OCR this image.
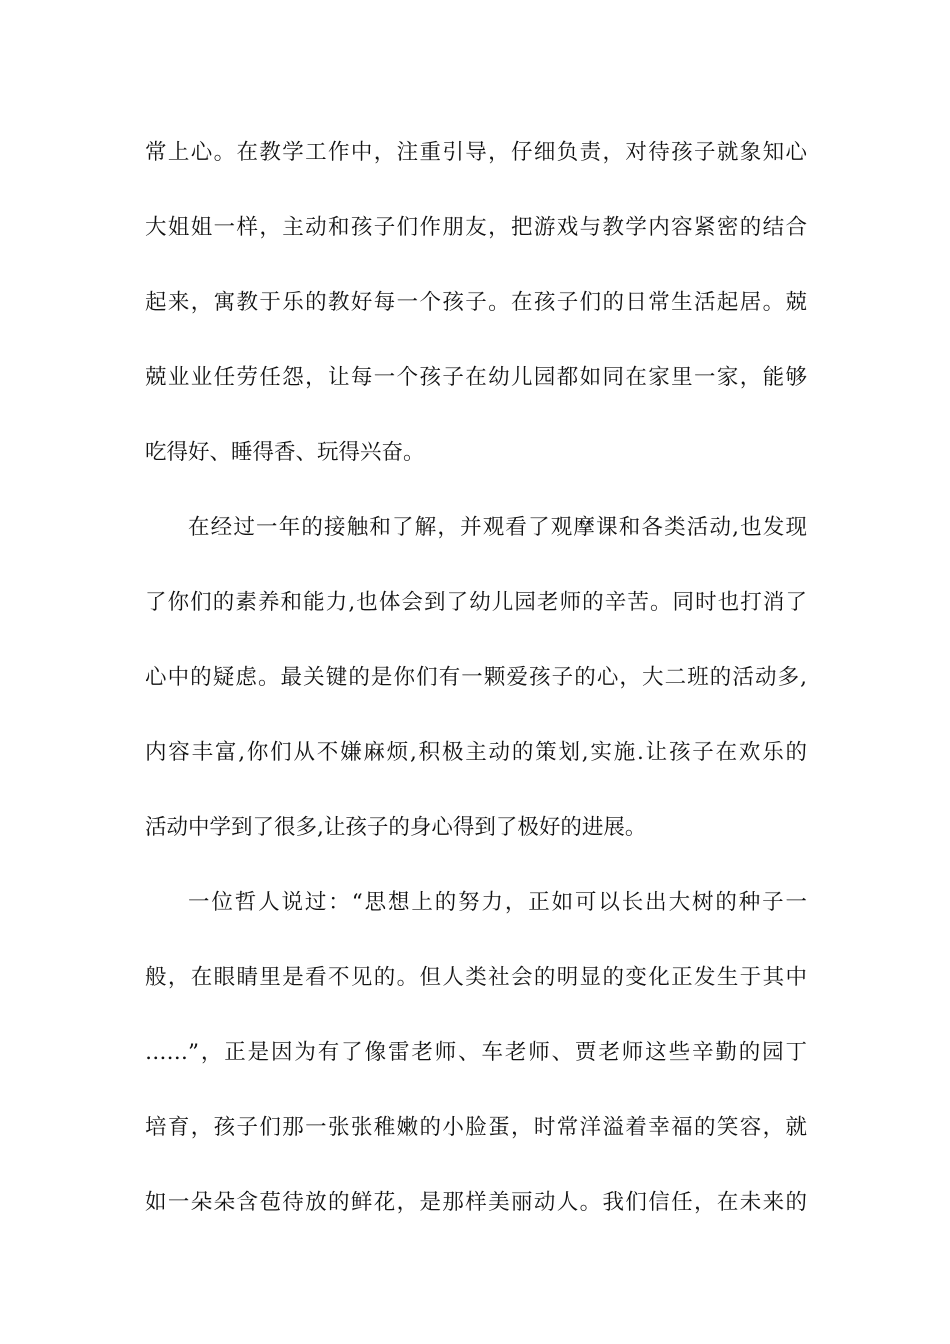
常上心。在教学工作中，注重引导，仔细负责，对待孩子就象知心
大姐姐一样，主动和孩子们作朋友，把游戏与教学内容紧密的结合
起来，寓教于乐的教好每一个孩子。在孩子们的日常生活起居。兢
兢业业任劳任怨，让每一个孩子在幼儿园都如同在家里一家，能够
吃得好、睡得香、玩得兴奋。
在经过一年的接触和了解，并观看了观摩课和各类活动,也发现
了你们的素养和能力,也体会到了幼儿园老师的辛苦。同时也打消了
心中的疑虑。最关键的是你们有一颗爱孩子的心，大二班的活动多,
内容丰富,你们从不嫌麻烦,积极主动的策划,实施.让孩子在欢乐的
活动中学到了很多,让孩子的身心得到了极好的进展。
一位哲人说过：“思想上的努力，正如可以长出大树的种子一
般，在眼睛里是看不见的。但人类社会的明显的变化正发生于其中
……”，正是因为有了像雷老师、车老师、贾老师这些辛勤的园丁
培育，孩子们那一张张稚嫩的小脸蛋，时常洋溢着幸福的笑容，就
如一朵朵含苞待放的鲜花，是那样美丽动人。我们信任，在未来的
